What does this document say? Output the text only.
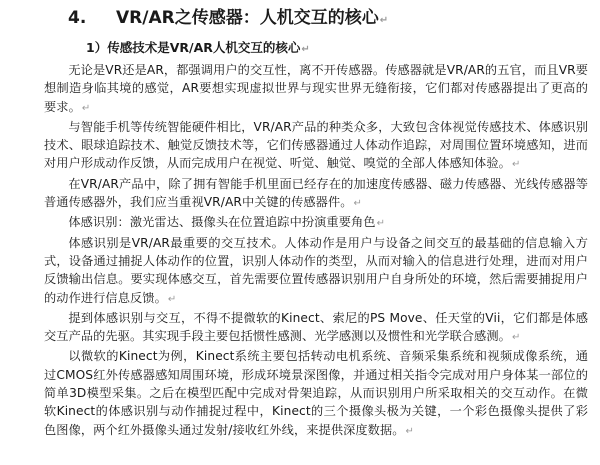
4. VR/AR之传感器：人机交互的核心↵
1）传感技术是VR/AR人机交互的核心↵

无论是VR还是AR，都强调用户的交互性，离不开传感器。传感器就是VR/AR的五官，而且VR要想制造身临其境的感觉，AR要想实现虚拟世界与现实世界无缝衔接，它们都对传感器提出了更高的要求。↵

与智能手机等传统智能硬件相比，VR/AR产品的种类众多，大致包含体视觉传感技术、体感识别技术、眼球追踪技术、触觉反馈技术等，它们传感器通过人体动作追踪，对周围位置环境感知，进而对用户形成动作反馈，从而完成用户在视觉、听觉、触觉、嗅觉的全部人体感知体验。↵

在VR/AR产品中，除了拥有智能手机里面已经存在的加速度传感器、磁力传感器、光线传感器等普通传感器外，我们应当重视VR/AR中关键的传感器件。↵

体感识别：激光雷达、摄像头在位置追踪中扮演重要角色↵

体感识别是VR/AR最重要的交互技术。人体动作是用户与设备之间交互的最基础的信息输入方式，设备通过捕捉人体动作的位置，识别人体动作的类型，从而对输入的信息进行处理，进而对用户反馈输出信息。要实现体感交互，首先需要位置传感器识别用户自身所处的环境，然后需要捕捉用户的动作进行信息反馈。↵

提到体感识别与交互，不得不提微软的Kinect、索尼的PS Move、任天堂的Vii，它们都是体感交互产品的先驱。其实现手段主要包括惯性感测、光学感测以及惯性和光学联合感测。↵

以微软的Kinect为例，Kinect系统主要包括转动电机系统、音频采集系统和视频成像系统，通过CMOS红外传感器感知周围环境，形成环境景深图像，并通过相关指令完成对用户身体某一部位的简单3D模型采集。之后在模型匹配中完成对骨架追踪，从而识别用户所采取相关的交互动作。在微软Kinect的体感识别与动作捕捉过程中，Kinect的三个摄像头极为关键，一个彩色摄像头提供了彩色图像，两个红外摄像头通过发射/接收红外线，来提供深度数据。↵
